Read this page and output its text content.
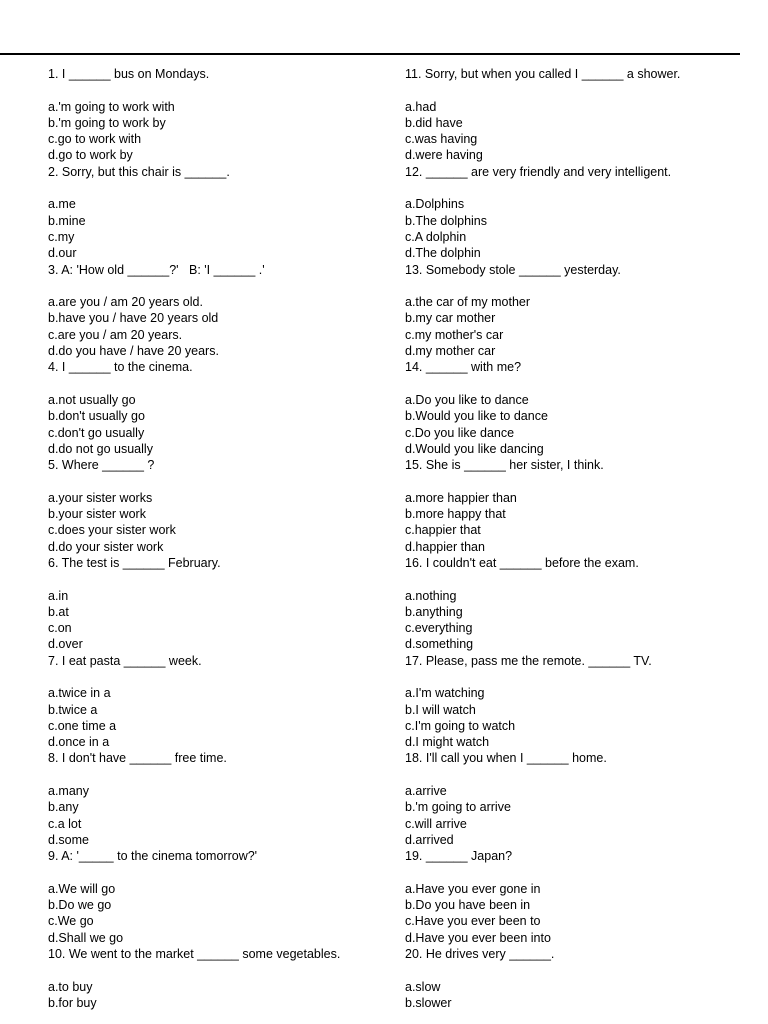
1. I ______ bus on Mondays.
a.'m going to work with
b.'m going to work by
c.go to work with
d.go to work by
2. Sorry, but this chair is ______.
a.me
b.mine
c.my
d.our
3. A: 'How old ______?'   B: 'I ______ .'
a.are you / am 20 years old.
b.have you / have 20 years old
c.are you / am 20 years.
d.do you have / have 20 years.
4. I ______ to the cinema.
a.not usually go
b.don't usually go
c.don't go usually
d.do not go usually
5. Where ______ ?
a.your sister works
b.your sister work
c.does your sister work
d.do your sister work
6. The test is ______ February.
a.in
b.at
c.on
d.over
7. I eat pasta ______ week.
a.twice in a
b.twice a
c.one time a
d.once in a
8. I don't have ______ free time.
a.many
b.any
c.a lot
d.some
9. A: '_____ to the cinema tomorrow?'
a.We will go
b.Do we go
c.We go
d.Shall we go
10. We went to the market ______ some vegetables.
a.to buy
b.for buy
11. Sorry, but when you called I ______ a shower.
a.had
b.did have
c.was having
d.were having
12. ______ are very friendly and very intelligent.
a.Dolphins
b.The dolphins
c.A dolphin
d.The dolphin
13. Somebody stole ______ yesterday.
a.the car of my mother
b.my car mother
c.my mother's car
d.my mother car
14. ______ with me?
a.Do you like to dance
b.Would you like to dance
c.Do you like dance
d.Would you like dancing
15. She is ______ her sister, I think.
a.more happier than
b.more happy that
c.happier that
d.happier than
16. I couldn't eat ______ before the exam.
a.nothing
b.anything
c.everything
d.something
17. Please, pass me the remote. ______ TV.
a.I'm watching
b.I will watch
c.I'm going to watch
d.I might watch
18. I'll call you when I ______ home.
a.arrive
b.'m going to arrive
c.will arrive
d.arrived
19. ______ Japan?
a.Have you ever gone in
b.Do you have been in
c.Have you ever been to
d.Have you ever been into
20. He drives very ______.
a.slow
b.slower
